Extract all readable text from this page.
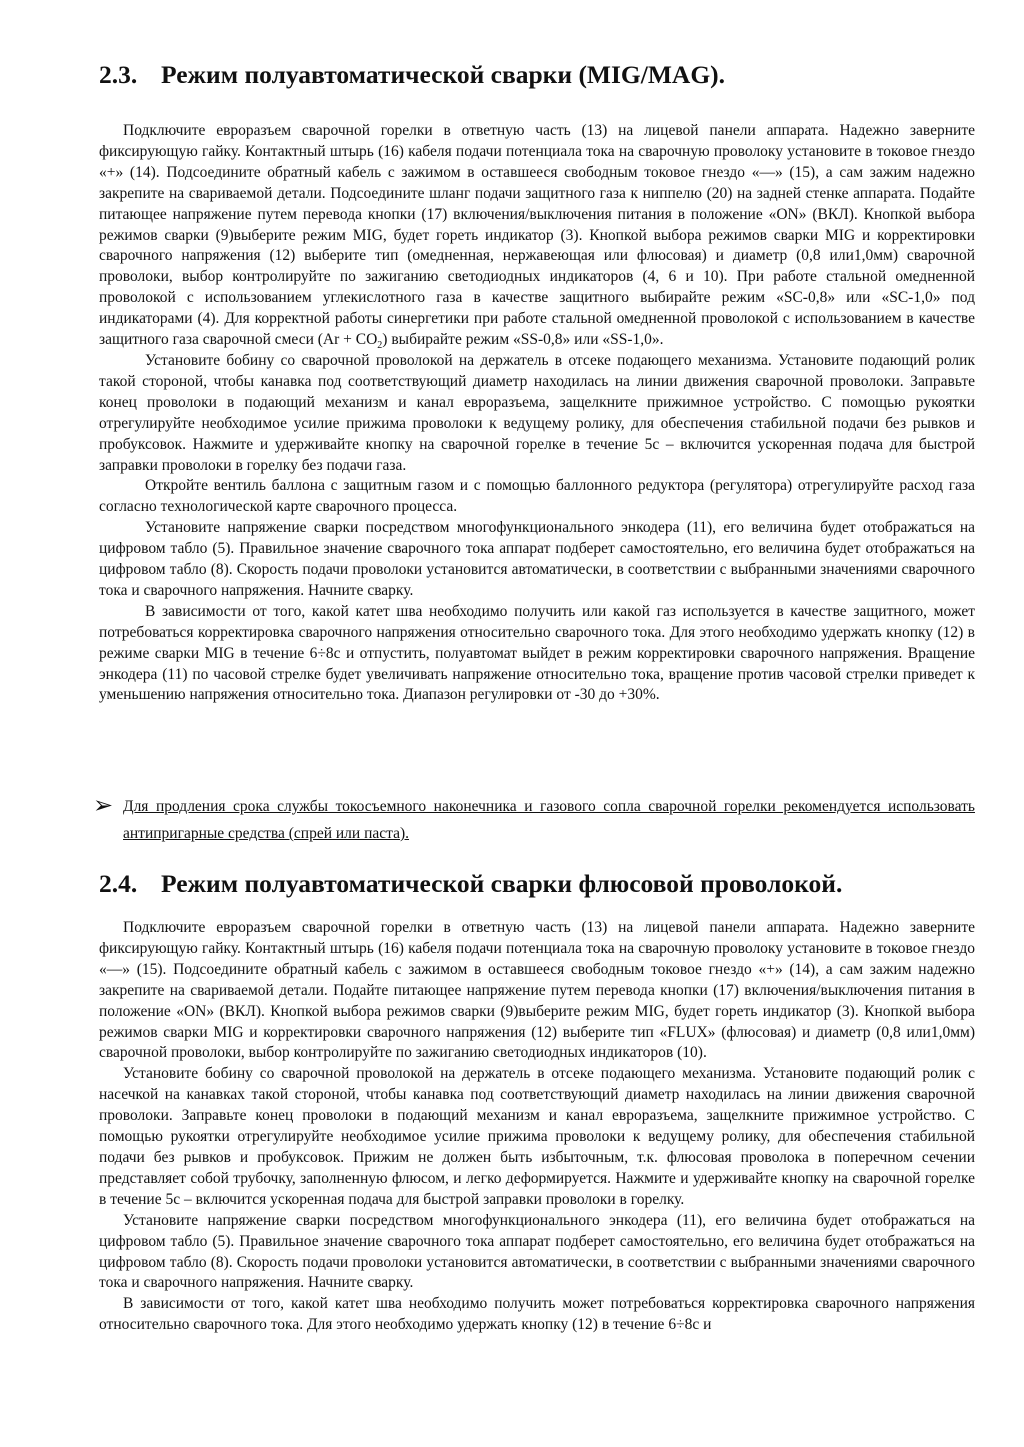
2.3. Режим полуавтоматической сварки (MIG/MAG).

Подключите евроразъем сварочной горелки в ответную часть (13) на лицевой панели аппарата. Надежно заверните фиксирующую гайку. Контактный штырь (16) кабеля подачи потенциала тока на сварочную проволоку установите в токовое гнездо «+» (14). Подсоедините обратный кабель с зажимом в оставшееся свободным токовое гнездо «—» (15), а сам зажим надежно закрепите на свариваемой детали. Подсоедините шланг подачи защитного газа к ниппелю (20) на задней стенке аппарата. Подайте питающее напряжение путем перевода кнопки (17) включения/выключения питания в положение «ON» (ВКЛ). Кнопкой выбора режимов сварки (9)выберите режим MIG, будет гореть индикатор (3). Кнопкой выбора режимов сварки MIG и корректировки сварочного напряжения (12) выберите тип (омедненная, нержавеющая или флюсовая) и диаметр (0,8 или1,0мм) сварочной проволоки, выбор контролируйте по зажиганию светодиодных индикаторов (4, 6 и 10). При работе стальной омедненной проволокой с использованием углекислотного газа в качестве защитного выбирайте режим «SC-0,8» или «SC-1,0» под индикаторами (4). Для корректной работы синергетики при работе стальной омедненной проволокой с использованием в качестве защитного газа сварочной смеси $(Ar + CO_2)$ выбирайте режим «SS-0,8» или «SS-1,0».

Установите бобину со сварочной проволокой на держатель в отсеке подающего механизма. Установите подающий ролик такой стороной, чтобы канавка под соответствующий диаметр находилась на линии движения сварочной проволоки. Заправьте конец проволоки в подающий механизм и канал евроразъема, защелкните прижимное устройство. С помощью рукоятки отрегулируйте необходимое усилие прижима проволоки к ведущему ролику, для обеспечения стабильной подачи без рывков и пробуксовок. Нажмите и удерживайте кнопку на сварочной горелке в течение 5с – включится ускоренная подача для быстрой заправки проволоки в горелку без подачи газа.

Откройте вентиль баллона с защитным газом и с помощью баллонного редуктора (регулятора) отрегулируйте расход газа согласно технологической карте сварочного процесса.

Установите напряжение сварки посредством многофункционального энкодера (11), его величина будет отображаться на цифровом табло (5). Правильное значение сварочного тока аппарат подберет самостоятельно, его величина будет отображаться на цифровом табло (8). Скорость подачи проволоки установится автоматически, в соответствии с выбранными значениями сварочного тока и сварочного напряжения. Начните сварку.

В зависимости от того, какой катет шва необходимо получить или какой газ используется в качестве защитного, может потребоваться корректировка сварочного напряжения относительно сварочного тока. Для этого необходимо удержать кнопку (12) в режиме сварки MIG в течение 6÷8с и отпустить, полуавтомат выйдет в режим корректировки сварочного напряжения. Вращение энкодера (11) по часовой стрелке будет увеличивать напряжение относительно тока, вращение против часовой стрелки приведет к уменьшению напряжения относительно тока. Диапазон регулировки от -30 до +30%.

➢ Для продления срока службы токосъемного наконечника и газового сопла сварочной горелки рекомендуется использовать антипригарные средства (спрей или паста).
2.4. Режим полуавтоматической сварки флюсовой проволокой.

Подключите евроразъем сварочной горелки в ответную часть (13) на лицевой панели аппарата. Надежно заверните фиксирующую гайку. Контактный штырь (16) кабеля подачи потенциала тока на сварочную проволоку установите в токовое гнездо «—» (15). Подсоедините обратный кабель с зажимом в оставшееся свободным токовое гнездо «+» (14), а сам зажим надежно закрепите на свариваемой детали. Подайте питающее напряжение путем перевода кнопки (17) включения/выключения питания в положение «ON» (ВКЛ). Кнопкой выбора режимов сварки (9)выберите режим MIG, будет гореть индикатор (3). Кнопкой выбора режимов сварки MIG и корректировки сварочного напряжения (12) выберите тип «FLUX» (флюсовая) и диаметр (0,8 или1,0мм) сварочной проволоки, выбор контролируйте по зажиганию светодиодных индикаторов (10).

Установите бобину со сварочной проволокой на держатель в отсеке подающего механизма. Установите подающий ролик с насечкой на канавках такой стороной, чтобы канавка под соответствующий диаметр находилась на линии движения сварочной проволоки. Заправьте конец проволоки в подающий механизм и канал евроразъема, защелкните прижимное устройство. С помощью рукоятки отрегулируйте необходимое усилие прижима проволоки к ведущему ролику, для обеспечения стабильной подачи без рывков и пробуксовок. Прижим не должен быть избыточным, т.к. флюсовая проволока в поперечном сечении представляет собой трубочку, заполненную флюсом, и легко деформируется. Нажмите и удерживайте кнопку на сварочной горелке в течение 5с – включится ускоренная подача для быстрой заправки проволоки в горелку.

Установите напряжение сварки посредством многофункционального энкодера (11), его величина будет отображаться на цифровом табло (5). Правильное значение сварочного тока аппарат подберет самостоятельно, его величина будет отображаться на цифровом табло (8). Скорость подачи проволоки установится автоматически, в соответствии с выбранными значениями сварочного тока и сварочного напряжения. Начните сварку.

В зависимости от того, какой катет шва необходимо получить может потребоваться корректировка сварочного напряжения относительно сварочного тока. Для этого необходимо удержать кнопку (12) в течение 6÷8с и
